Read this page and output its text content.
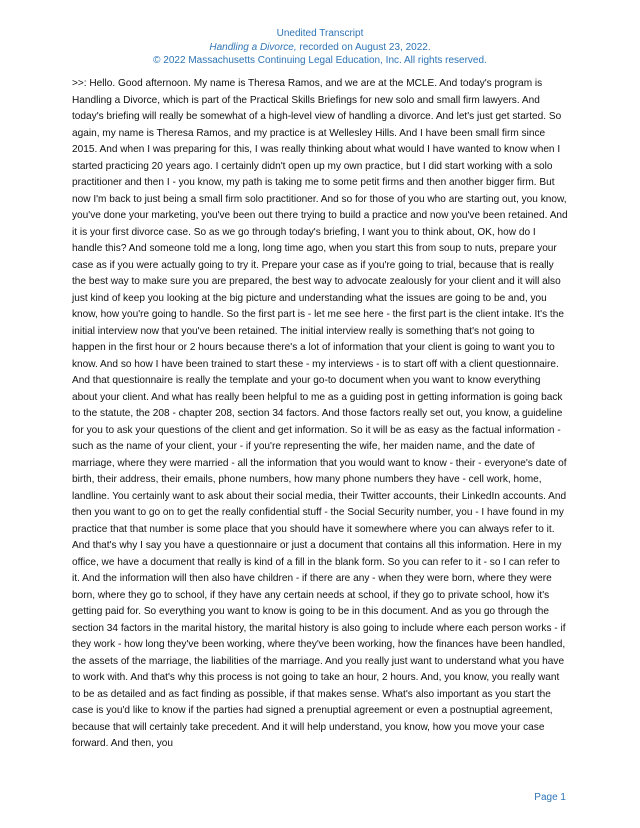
Unedited Transcript
Handling a Divorce, recorded on August 23, 2022.
© 2022 Massachusetts Continuing Legal Education, Inc. All rights reserved.
>>: Hello. Good afternoon. My name is Theresa Ramos, and we are at the MCLE. And today's program is Handling a Divorce, which is part of the Practical Skills Briefings for new solo and small firm lawyers. And today's briefing will really be somewhat of a high-level view of handling a divorce. And let's just get started. So again, my name is Theresa Ramos, and my practice is at Wellesley Hills. And I have been small firm since 2015. And when I was preparing for this, I was really thinking about what would I have wanted to know when I started practicing 20 years ago. I certainly didn't open up my own practice, but I did start working with a solo practitioner and then I - you know, my path is taking me to some petit firms and then another bigger firm. But now I'm back to just being a small firm solo practitioner. And so for those of you who are starting out, you know, you've done your marketing, you've been out there trying to build a practice and now you've been retained. And it is your first divorce case. So as we go through today's briefing, I want you to think about, OK, how do I handle this? And someone told me a long, long time ago, when you start this from soup to nuts, prepare your case as if you were actually going to try it. Prepare your case as if you're going to trial, because that is really the best way to make sure you are prepared, the best way to advocate zealously for your client and it will also just kind of keep you looking at the big picture and understanding what the issues are going to be and, you know, how you're going to handle. So the first part is - let me see here - the first part is the client intake. It's the initial interview now that you've been retained. The initial interview really is something that's not going to happen in the first hour or 2 hours because there's a lot of information that your client is going to want you to know. And so how I have been trained to start these - my interviews - is to start off with a client questionnaire. And that questionnaire is really the template and your go-to document when you want to know everything about your client. And what has really been helpful to me as a guiding post in getting information is going back to the statute, the 208 - chapter 208, section 34 factors. And those factors really set out, you know, a guideline for you to ask your questions of the client and get information. So it will be as easy as the factual information - such as the name of your client, your - if you're representing the wife, her maiden name, and the date of marriage, where they were married - all the information that you would want to know - their - everyone's date of birth, their address, their emails, phone numbers, how many phone numbers they have - cell work, home, landline. You certainly want to ask about their social media, their Twitter accounts, their LinkedIn accounts. And then you want to go on to get the really confidential stuff - the Social Security number, you - I have found in my practice that that number is some place that you should have it somewhere where you can always refer to it. And that's why I say you have a questionnaire or just a document that contains all this information. Here in my office, we have a document that really is kind of a fill in the blank form. So you can refer to it - so I can refer to it. And the information will then also have children - if there are any - when they were born, where they were born, where they go to school, if they have any certain needs at school, if they go to private school, how it's getting paid for. So everything you want to know is going to be in this document. And as you go through the section 34 factors in the marital history, the marital history is also going to include where each person works - if they work - how long they've been working, where they've been working, how the finances have been handled, the assets of the marriage, the liabilities of the marriage. And you really just want to understand what you have to work with. And that's why this process is not going to take an hour, 2 hours. And, you know, you really want to be as detailed and as fact finding as possible, if that makes sense. What's also important as you start the case is you'd like to know if the parties had signed a prenuptial agreement or even a postnuptial agreement, because that will certainly take precedent. And it will help understand, you know, how you move your case forward. And then, you
Page 1
